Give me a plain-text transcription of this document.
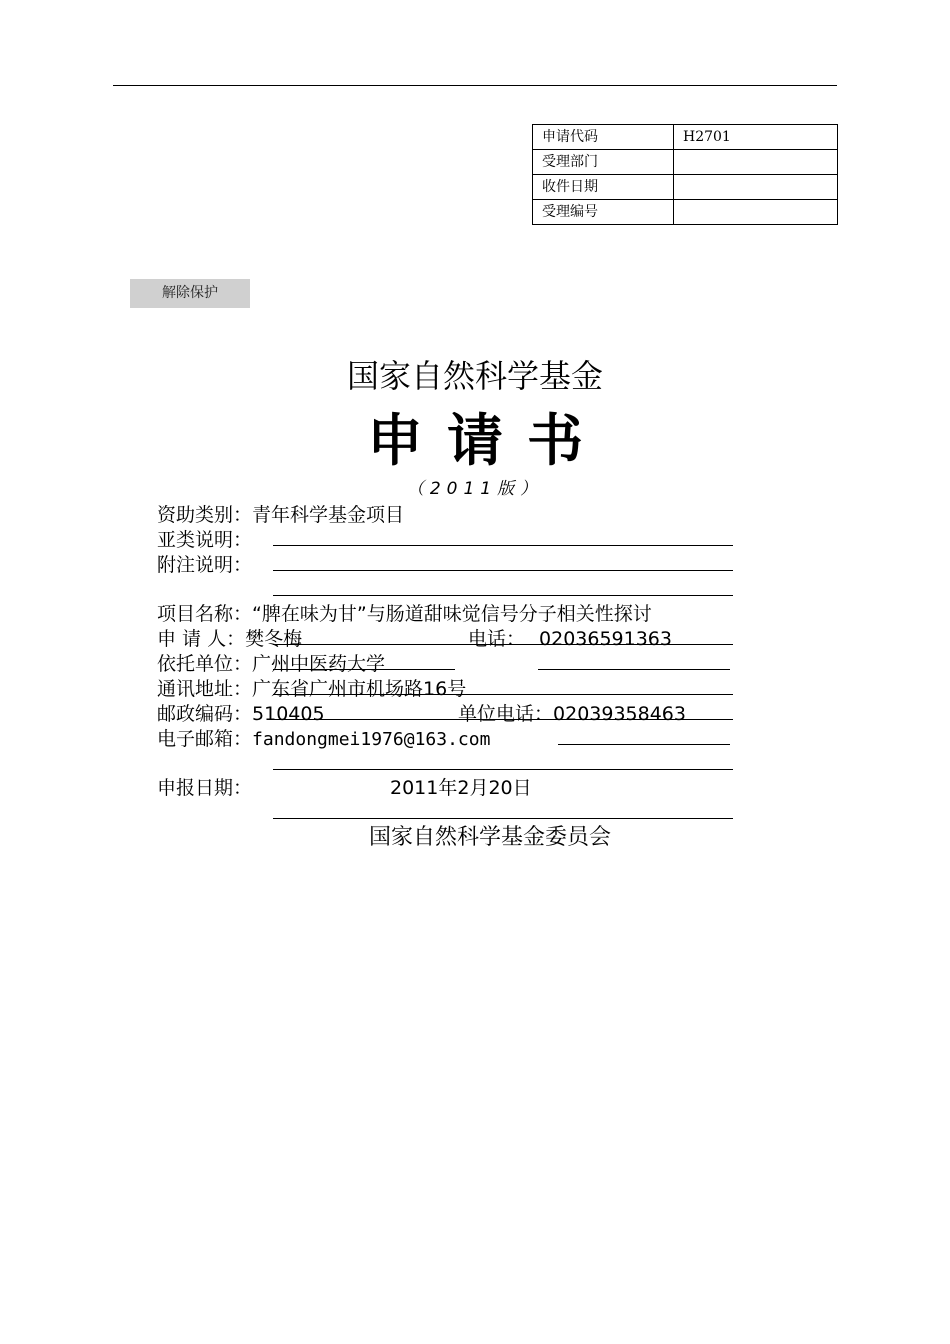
申请代码	H2701
受理部门	
收件日期	
受理编号	
解除保护
国家自然科学基金
申请书
（2011版）
资助类别：青年科学基金项目
亚类说明：
附注说明：
项目名称：“脾在味为甘”与肠道甜味觉信号分子相关性探讨
申 请 人：樊冬梅	电话： 02036591363
依托单位：广州中医药大学
通讯地址：广东省广州市机场路16号
邮政编码：510405	单位电话：02039358463
电子邮箱：fandongmei1976@163.com
申报日期：	2011年2月20日
国家自然科学基金委员会
